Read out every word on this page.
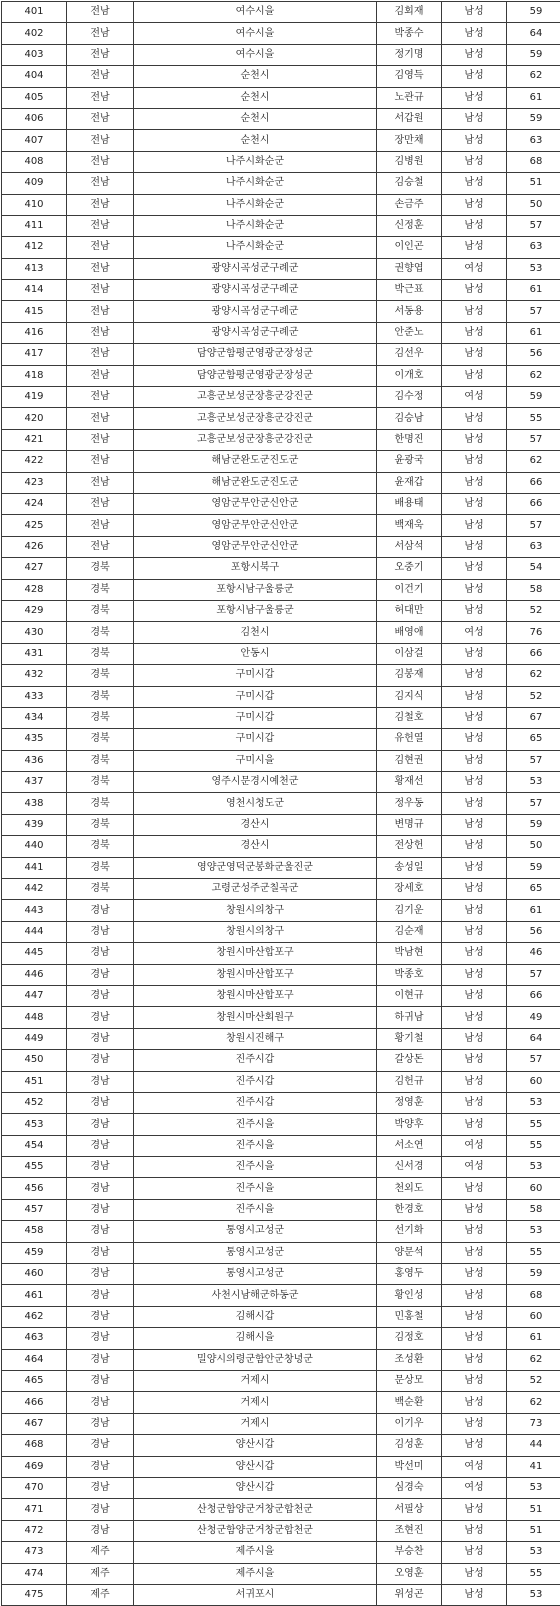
401	전남	여수시을	김회재	남성	59
402	전남	여수시을	박종수	남성	64
403	전남	여수시을	정기명	남성	59
404	전남	순천시	김영득	남성	62
405	전남	순천시	노관규	남성	61
406	전남	순천시	서갑원	남성	59
407	전남	순천시	장만채	남성	63
408	전남	나주시화순군	김병원	남성	68
409	전남	나주시화순군	김승철	남성	51
410	전남	나주시화순군	손금주	남성	50
411	전남	나주시화순군	신정훈	남성	57
412	전남	나주시화순군	이인곤	남성	63
413	전남	광양시곡성군구례군	권향엽	여성	53
414	전남	광양시곡성군구례군	박근표	남성	61
415	전남	광양시곡성군구례군	서동용	남성	57
416	전남	광양시곡성군구례군	안준노	남성	61
417	전남	담양군함평군영광군장성군	김선우	남성	56
418	전남	담양군함평군영광군장성군	이개호	남성	62
419	전남	고흥군보성군장흥군강진군	김수정	여성	59
420	전남	고흥군보성군장흥군강진군	김승남	남성	55
421	전남	고흥군보성군장흥군강진군	한명진	남성	57
422	전남	해남군완도군진도군	윤광국	남성	62
423	전남	해남군완도군진도군	윤재갑	남성	66
424	전남	영암군무안군신안군	배용태	남성	66
425	전남	영암군무안군신안군	백재욱	남성	57
426	전남	영암군무안군신안군	서삼석	남성	63
427	경북	포항시북구	오중기	남성	54
428	경북	포항시남구울릉군	이건기	남성	58
429	경북	포항시남구울릉군	허대만	남성	52
430	경북	김천시	배영애	여성	76
431	경북	안동시	이삼걸	남성	66
432	경북	구미시갑	김봉재	남성	62
433	경북	구미시갑	김지식	남성	52
434	경북	구미시갑	김철호	남성	67
435	경북	구미시갑	유헌열	남성	65
436	경북	구미시을	김현권	남성	57
437	경북	영주시문경시예천군	황재선	남성	53
438	경북	영천시청도군	정우동	남성	57
439	경북	경산시	변명규	남성	59
440	경북	경산시	전상헌	남성	50
441	경북	영양군영덕군봉화군울진군	송성일	남성	59
442	경북	고령군성주군칠곡군	장세호	남성	65
443	경남	창원시의창구	김기운	남성	61
444	경남	창원시의창구	김순재	남성	56
445	경남	창원시마산합포구	박남현	남성	46
446	경남	창원시마산합포구	박종호	남성	57
447	경남	창원시마산합포구	이현규	남성	66
448	경남	창원시마산회원구	하귀남	남성	49
449	경남	창원시진해구	황기철	남성	64
450	경남	진주시갑	갈상돈	남성	57
451	경남	진주시갑	김헌규	남성	60
452	경남	진주시갑	정영훈	남성	53
453	경남	진주시을	박양후	남성	55
454	경남	진주시을	서소연	여성	55
455	경남	진주시을	신서경	여성	53
456	경남	진주시을	천외도	남성	60
457	경남	진주시을	한경호	남성	58
458	경남	통영시고성군	선기화	남성	53
459	경남	통영시고성군	양문석	남성	55
460	경남	통영시고성군	홍영두	남성	59
461	경남	사천시남해군하동군	황인성	남성	68
462	경남	김해시갑	민홍철	남성	60
463	경남	김해시을	김정호	남성	61
464	경남	밀양시의령군함안군창녕군	조성환	남성	62
465	경남	거제시	문상모	남성	52
466	경남	거제시	백순환	남성	62
467	경남	거제시	이기우	남성	73
468	경남	양산시갑	김성훈	남성	44
469	경남	양산시갑	박선미	여성	41
470	경남	양산시갑	심경숙	여성	53
471	경남	산청군함양군거창군합천군	서필상	남성	51
472	경남	산청군함양군거창군합천군	조현진	남성	51
473	제주	제주시을	부승찬	남성	53
474	제주	제주시을	오영훈	남성	55
475	제주	서귀포시	위성곤	남성	53
